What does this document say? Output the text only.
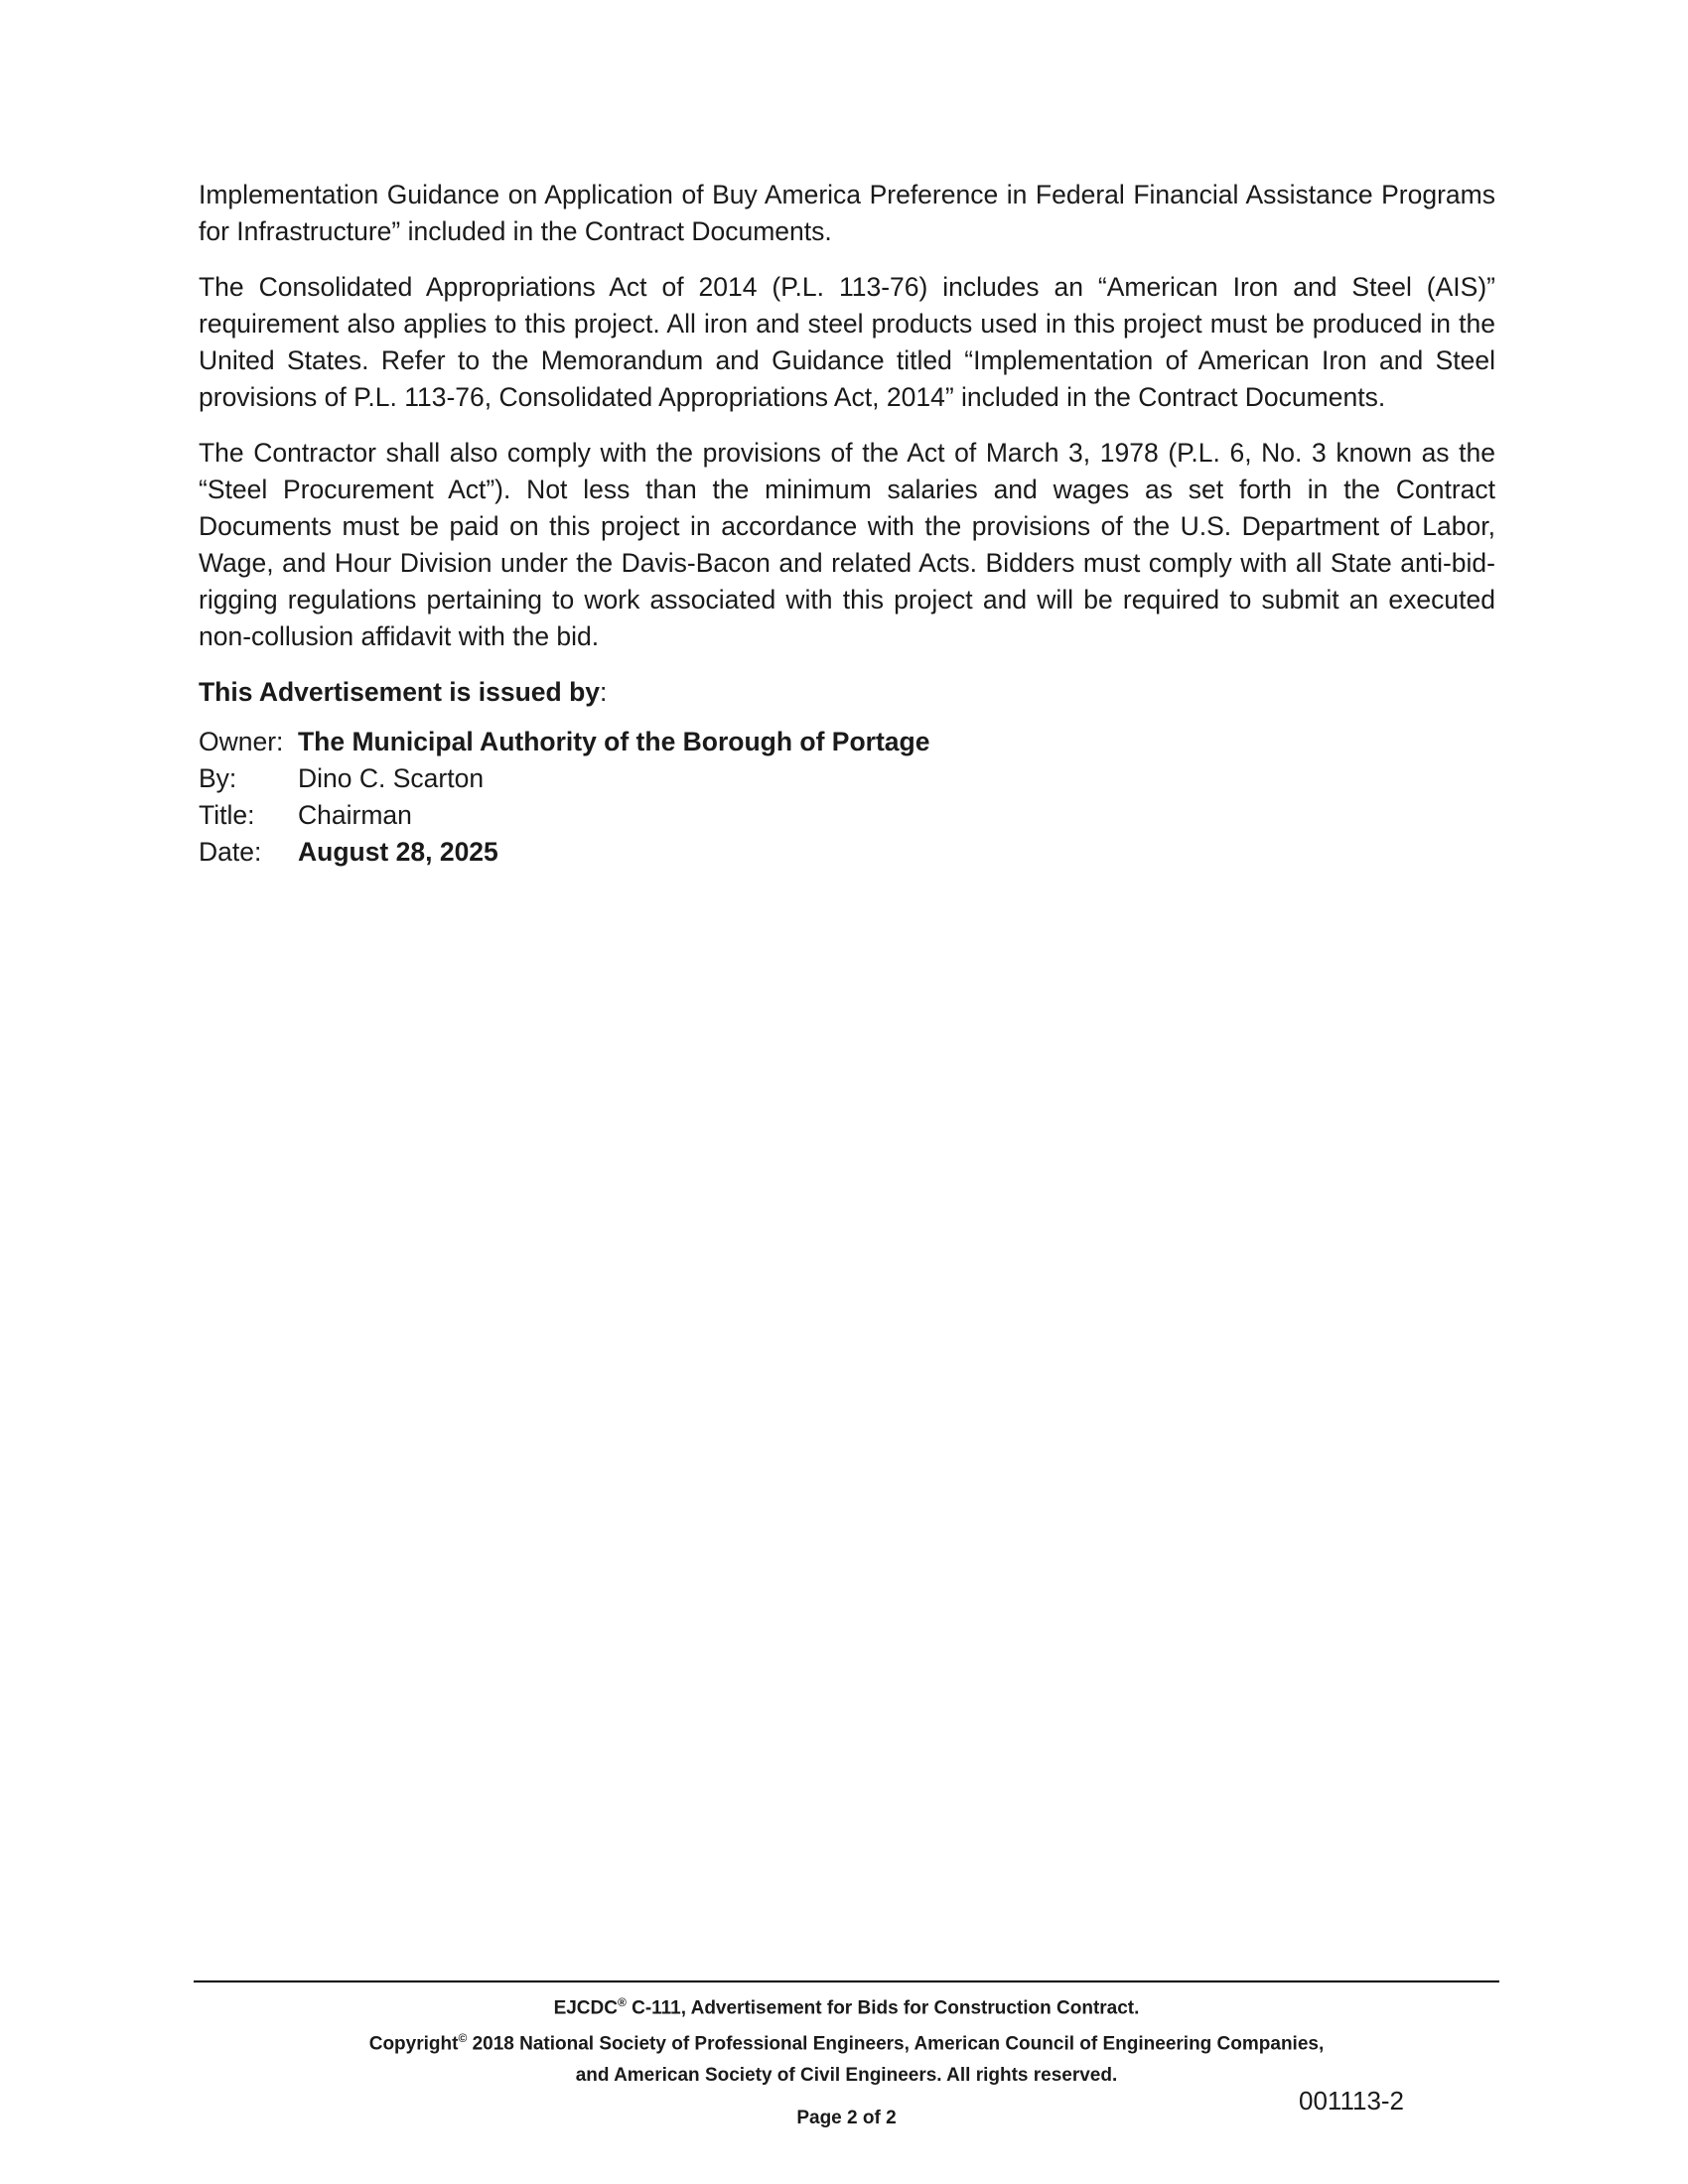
Implementation Guidance on Application of Buy America Preference in Federal Financial Assistance Programs for Infrastructure” included in the Contract Documents.

The Consolidated Appropriations Act of 2014 (P.L. 113-76) includes an “American Iron and Steel (AIS)” requirement also applies to this project. All iron and steel products used in this project must be produced in the United States. Refer to the Memorandum and Guidance titled “Implementation of American Iron and Steel provisions of P.L. 113-76, Consolidated Appropriations Act, 2014” included in the Contract Documents.

The Contractor shall also comply with the provisions of the Act of March 3, 1978 (P.L. 6, No. 3 known as the “Steel Procurement Act”). Not less than the minimum salaries and wages as set forth in the Contract Documents must be paid on this project in accordance with the provisions of the U.S. Department of Labor, Wage, and Hour Division under the Davis-Bacon and related Acts. Bidders must comply with all State anti-bid-rigging regulations pertaining to work associated with this project and will be required to submit an executed non-collusion affidavit with the bid.

This Advertisement is issued by:
Owner: The Municipal Authority of the Borough of Portage
By:	Dino C. Scarton
Title:	Chairman
Date:	August 28, 2025

EJCDC® C-111, Advertisement for Bids for Construction Contract.

Copyright© 2018 National Society of Professional Engineers, American Council of Engineering Companies,

and American Society of Civil Engineers. All rights reserved.

Page 2 of 2

001113-2
